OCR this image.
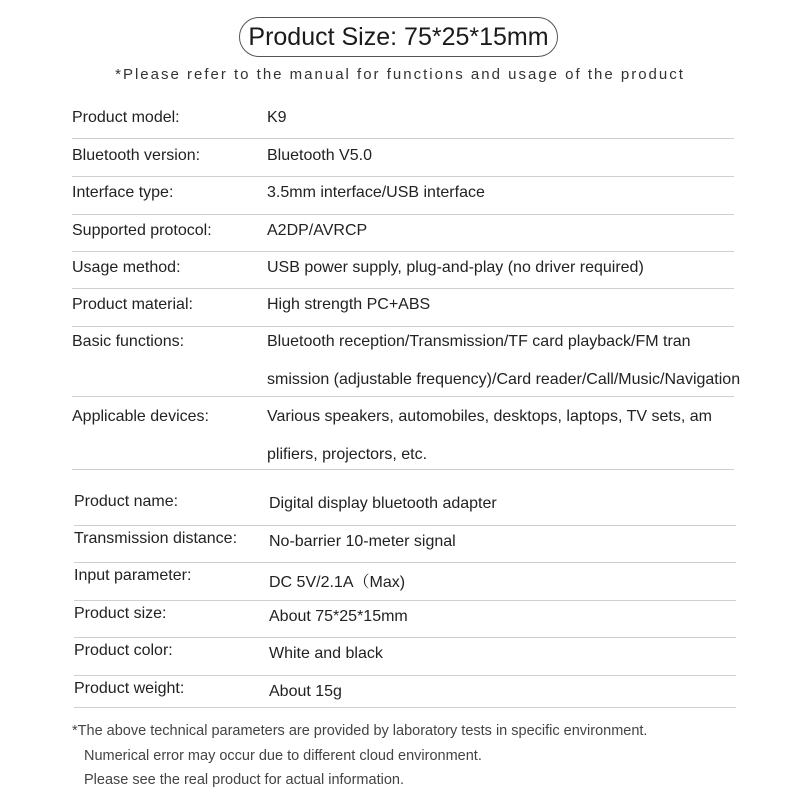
Product Size: 75*25*15mm
*Please refer to the manual for functions and usage of the product
Product model:	K9
Bluetooth version:	Bluetooth V5.0
Interface type:	3.5mm interface/USB interface
Supported protocol:	A2DP/AVRCP
Usage method:	USB power supply, plug-and-play (no driver required)
Product material:	High strength PC+ABS
Basic functions:	Bluetooth reception/Transmission/TF card playback/FM tran
smission (adjustable frequency)/Card reader/Call/Music/Navigation
Applicable devices:	Various speakers, automobiles, desktops, laptops, TV sets, am
plifiers, projectors, etc.
Product name:	Digital display bluetooth adapter
Transmission distance: No-barrier 10-meter signal
Input parameter:	DC 5V/2.1A（Max)
Product size:	About 75*25*15mm
Product color:	White and black
Product weight:	About 15g
*The above technical parameters are provided by laboratory tests in specific environment.
Numerical error may occur due to different cloud environment.
Please see the real product for actual information.
